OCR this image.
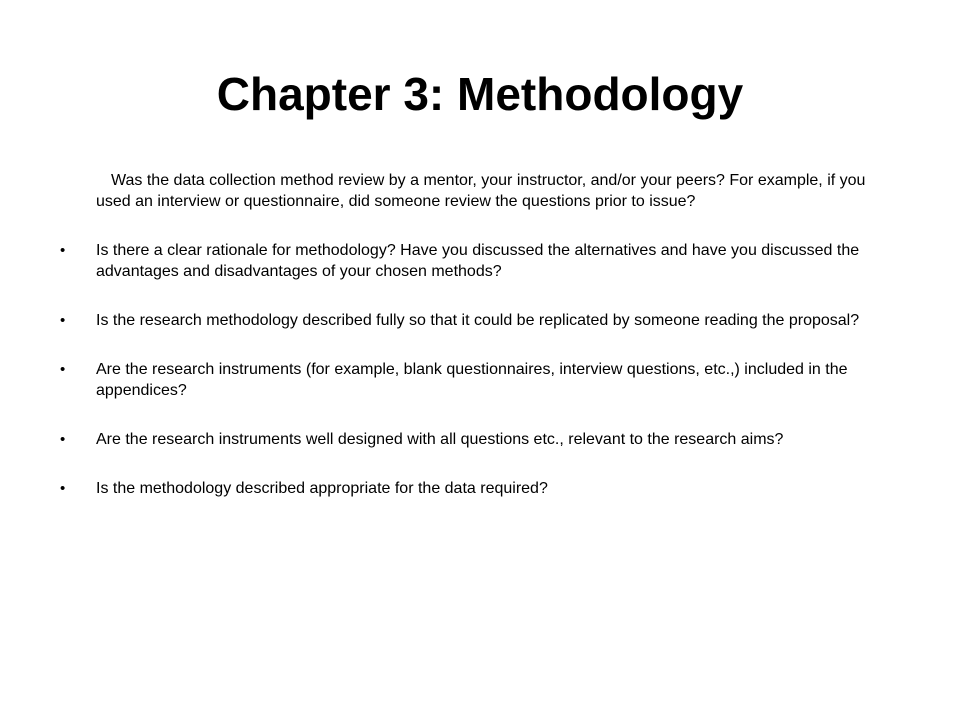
Chapter 3: Methodology

Was the data collection method review by a mentor, your instructor, and/or your peers? For example, if you used an interview or questionnaire, did someone review the questions prior to issue?

•	Is there a clear rationale for methodology? Have you discussed the alternatives and have you discussed the advantages and disadvantages of your chosen methods?
•	Is the research methodology described fully so that it could be replicated by someone reading the proposal?
•	Are the research instruments (for example, blank questionnaires, interview questions, etc.,) included in the appendices?
•	Are the research instruments well designed with all questions etc., relevant to the research aims?
•	Is the methodology described appropriate for the data required?
